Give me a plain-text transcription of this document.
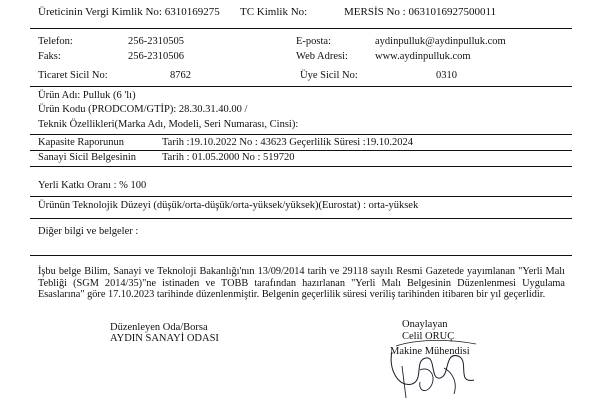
Üreticinin Vergi Kimlik No: 6310169275 TC Kimlik No:	MERSİS No : 0631016927500011
Telefon:	256-2310505	E-posta:	aydinpulluk@aydinpulluk.com
Faks:	256-2310506	Web Adresi:	www.aydinpulluk.com
Ticaret Sicil No:	8762	Üye Sicil No:	0310
Ürün Adı: Pulluk (6 'lı)
Ürün Kodu (PRODCOM/GTİP): 28.30.31.40.00 /
Teknik Özellikleri(Marka Adı, Modeli, Seri Numarası, Cinsi):
Kapasite Raporunun	Tarih :19.10.2022 No : 43623 Geçerlilik Süresi :19.10.2024
Sanayi Sicil Belgesinin Tarih : 01.05.2000 No : 519720
Yerli Katkı Oranı : % 100
Ürünün Teknolojik Düzeyi (düşük/orta-düşük/orta-yüksek/yüksek)(Eurostat) : orta-yüksek
Diğer bilgi ve belgeler :
İşbu belge Bilim, Sanayi ve Teknoloji Bakanlığı'nın 13/09/2014 tarih ve 29118 sayılı Resmi Gazetede yayımlanan "Yerli Malı Tebliği (SGM 2014/35)"ne istinaden ve TOBB tarafından hazırlanan "Yerli Malı Belgesinin Düzenlenmesi Uygulama Esaslarına" göre 17.10.2023 tarihinde düzenlenmiştir. Belgenin geçerlilik süresi veriliş tarihinden itibaren bir yıl geçerlidir.
Düzenleyen Oda/Borsa
AYDIN SANAYİ ODASI
Onaylayan
Celil ORUÇ
Makine Mühendisi
